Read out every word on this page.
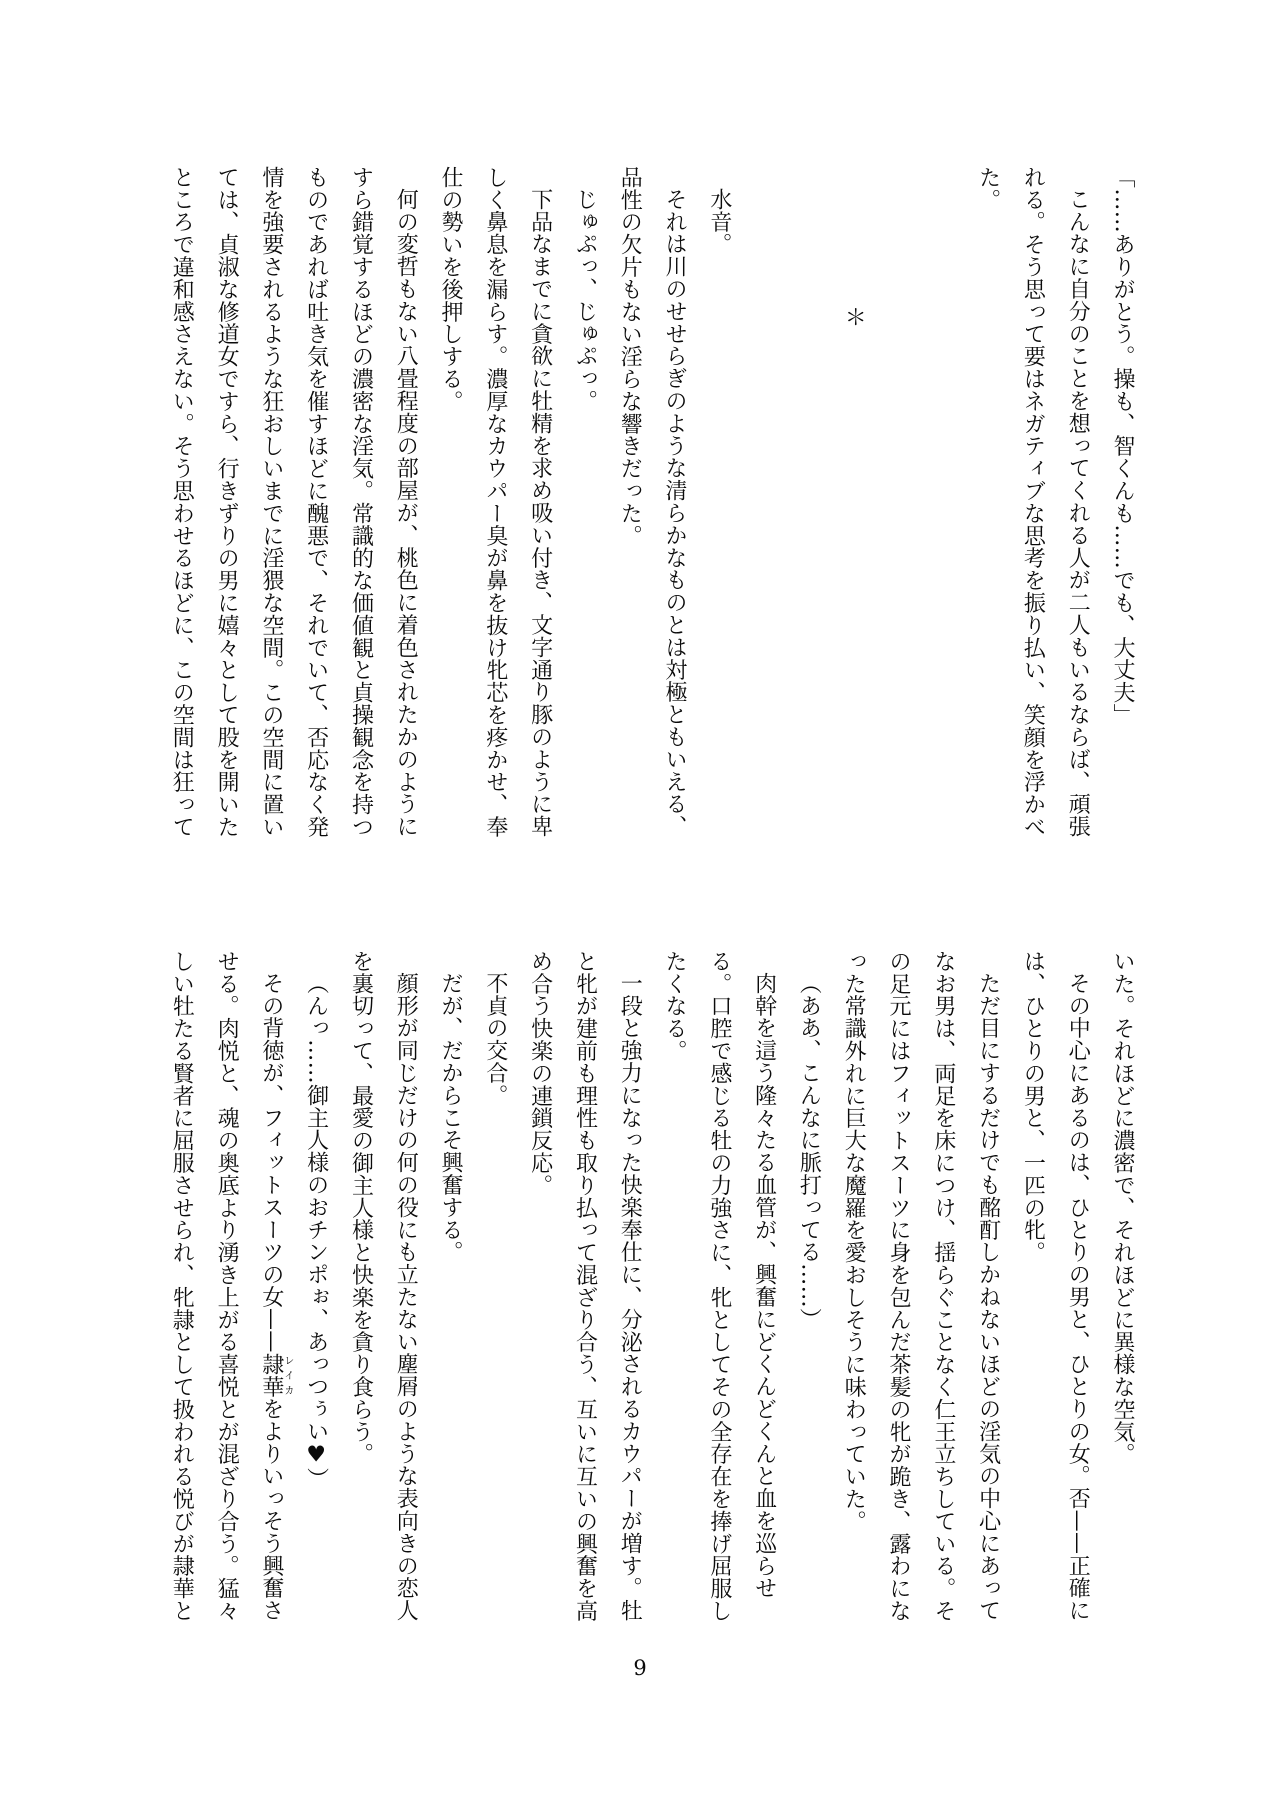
「……ありがとう。操も、智くんも……でも、大丈夫」

こんなに自分のことを想ってくれる人が二人もいるならば、頑張

れる。そう思って要はネガティブな思考を振り払い、笑顔を浮かべ

た。

＊

水音。

それは川のせせらぎのような清らかなものとは対極ともいえる、

品性の欠片もない淫らな響きだった。

じゅぷっ、じゅぷっ。

下品なまでに貪欲に牡精を求め吸い付き、文字通り豚のように卑

しく鼻息を漏らす。濃厚なカウパー臭が鼻を抜け牝芯を疼かせ、奉

仕の勢いを後押しする。

何の変哲もない八畳程度の部屋が、桃色に着色されたかのように

すら錯覚するほどの濃密な淫気。常識的な価値観と貞操観念を持つ

ものであれば吐き気を催すほどに醜悪で、それでいて、否応なく発

情を強要されるような狂おしいまでに淫猥な空間。この空間に置い

ては、貞淑な修道女ですら、行きずりの男に嬉々として股を開いた

ところで違和感さえない。そう思わせるほどに、この空間は狂って

いた。それほどに濃密で、それほどに異様な空気。

その中心にあるのは、ひとりの男と、ひとりの女。否——正確に

は、ひとりの男と、一匹の牝。

ただ目にするだけでも酩酊しかねないほどの淫気の中心にあって

なお男は、両足を床につけ、揺らぐことなく仁王立ちしている。そ

の足元にはフィットスーツに身を包んだ茶髪の牝が跪き、露わにな

った常識外れに巨大な魔羅を愛おしそうに味わっていた。

（ああ、こんなに脈打ってる……）

肉幹を這う隆々たる血管が、興奮にどくんどくんと血を巡らせ

る。口腔で感じる牡の力強さに、牝としてその全存在を捧げ屈服し

たくなる。

一段と強力になった快楽奉仕に、分泌されるカウパーが増す。牡

と牝が建前も理性も取り払って混ざり合う、互いに互いの興奮を高

め合う快楽の連鎖反応。

不貞の交合。

だが、だからこそ興奮する。

顔形が同じだけの何の役にも立たない塵屑のような表向きの恋人

を裏切って、最愛の御主人様と快楽を貪り食らう。

（んっ……御主人様のおチンポぉ、あっつぅい♥）

その背徳が、フィットスーツの女——隷華レイカをよりいっそう興奮さ

せる。肉悦と、魂の奥底より湧き上がる喜悦とが混ざり合う。猛々

しい牡たる賢者に屈服させられ、牝隷として扱われる悦びが隷華と

9
